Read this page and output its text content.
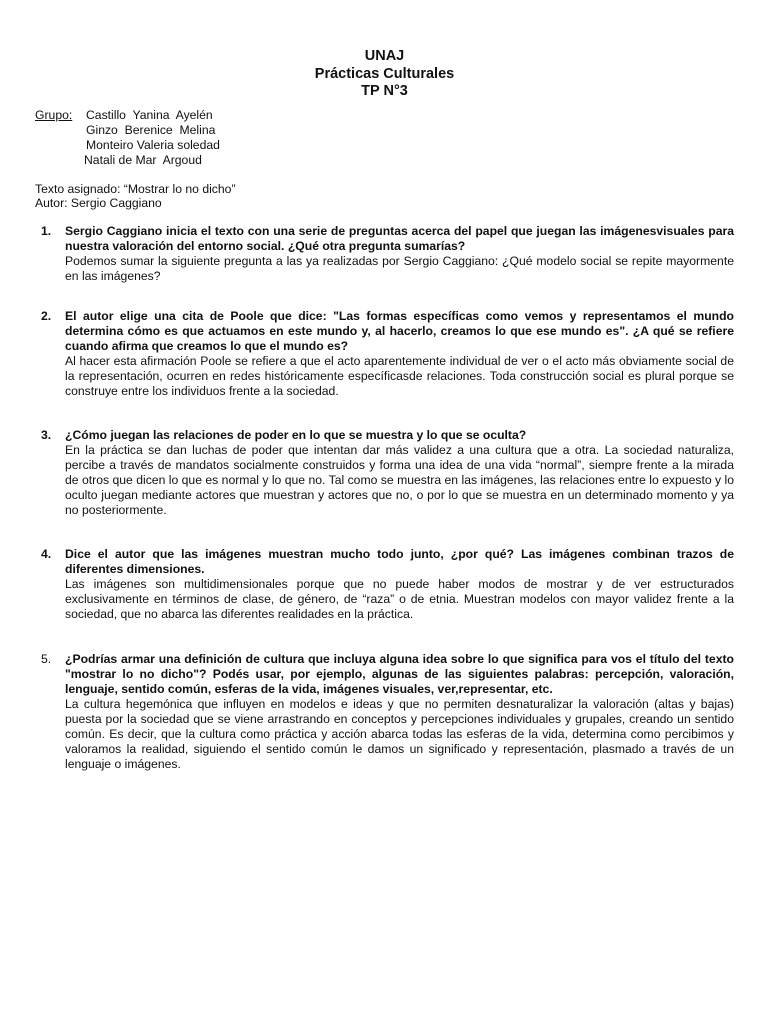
UNAJ
Prácticas Culturales
TP N°3
Grupo: Castillo  Yanina  Ayelén
Ginzo  Berenice  Melina
Monteiro Valeria soledad
Natali de Mar  Argoud
Texto asignado: “Mostrar lo no dicho”
Autor: Sergio Caggiano
1. Sergio Caggiano inicia el texto con una serie de preguntas acerca del papel que juegan las imágenesvisuales para nuestra valoración del entorno social. ¿Qué otra pregunta sumarías?

Podemos sumar la siguiente pregunta a las ya realizadas por Sergio Caggiano: ¿Qué modelo social se repite mayormente en las imágenes?

2. El autor elige una cita de Poole que dice: "Las formas específicas como vemos y representamos el mundo determina cómo es que actuamos en este mundo y, al hacerlo, creamos lo que ese mundo es". ¿A qué se refiere cuando afirma que creamos lo que el mundo es?

Al hacer esta afirmación Poole se refiere a que el acto aparentemente individual de ver o el acto más obviamente social de la representación, ocurren en redes históricamente específicasde relaciones. Toda construcción social es plural porque se construye entre los individuos frente a la sociedad.

3. ¿Cómo juegan las relaciones de poder en lo que se muestra y lo que se oculta?

En la práctica se dan luchas de poder que intentan dar más validez a una cultura que a otra. La sociedad naturaliza, percibe a través de mandatos socialmente construidos y forma una idea de una vida “normal”, siempre frente a la mirada de otros que dicen lo que es normal y lo que no. Tal como se muestra en las imágenes, las relaciones entre lo expuesto y lo oculto juegan mediante actores que muestran y actores que no, o por lo que se muestra en un determinado momento y ya no posteriormente.

4. Dice el autor que las imágenes muestran mucho todo junto, ¿por qué? Las imágenes combinan trazos de diferentes dimensiones.

Las imágenes son multidimensionales porque que no puede haber modos de mostrar y de ver estructurados exclusivamente en términos de clase, de género, de “raza” o de etnia. Muestran modelos con mayor validez frente a la sociedad, que no abarca las diferentes realidades en la práctica.

5. ¿Podrías armar una definición de cultura que incluya alguna idea sobre lo que significa para vos el título del texto "mostrar lo no dicho"? Podés usar, por ejemplo, algunas de las siguientes palabras: percepción, valoración, lenguaje, sentido común, esferas de la vida, imágenes visuales, ver,representar, etc.

La cultura hegemónica que influyen en modelos e ideas y que no permiten desnaturalizar la valoración (altas y bajas) puesta por la sociedad que se viene arrastrando en conceptos y percepciones individuales y grupales, creando un sentido común. Es decir, que la cultura como práctica y acción abarca todas las esferas de la vida, determina como percibimos y valoramos la realidad, siguiendo el sentido común le damos un significado y representación, plasmado a través de un lenguaje o imágenes.
